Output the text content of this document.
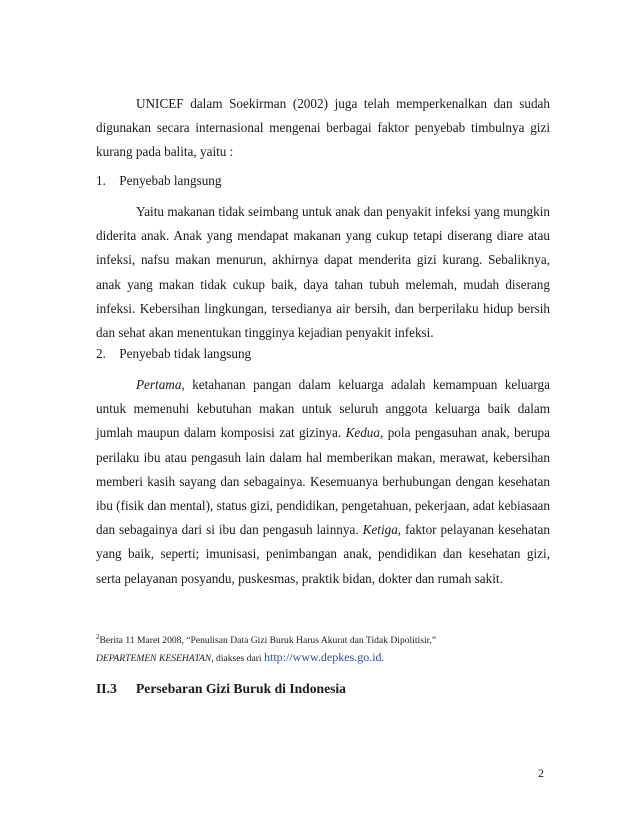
UNICEF dalam Soekirman (2002) juga telah memperkenalkan dan sudah digunakan secara internasional mengenai berbagai faktor penyebab timbulnya gizi kurang pada balita, yaitu :

1. Penyebab langsung

Yaitu makanan tidak seimbang untuk anak dan penyakit infeksi yang mungkin diderita anak. Anak yang mendapat makanan yang cukup tetapi diserang diare atau infeksi, nafsu makan menurun, akhirnya dapat menderita gizi kurang. Sebaliknya, anak yang makan tidak cukup baik, daya tahan tubuh melemah, mudah diserang infeksi. Kebersihan lingkungan, tersedianya air bersih, dan berperilaku hidup bersih dan sehat akan menentukan tingginya kejadian penyakit infeksi.

2. Penyebab tidak langsung

Pertama, ketahanan pangan dalam keluarga adalah kemampuan keluarga untuk memenuhi kebutuhan makan untuk seluruh anggota keluarga baik dalam jumlah maupun dalam komposisi zat gizinya. Kedua, pola pengasuhan anak, berupa perilaku ibu atau pengasuh lain dalam hal memberikan makan, merawat, kebersihan memberi kasih sayang dan sebagainya. Kesemuanya berhubungan dengan kesehatan ibu (fisik dan mental), status gizi, pendidikan, pengetahuan, pekerjaan, adat kebiasaan dan sebagainya dari si ibu dan pengasuh lainnya. Ketiga, faktor pelayanan kesehatan yang baik, seperti; imunisasi, penimbangan anak, pendidikan dan kesehatan gizi, serta pelayanan posyandu, puskesmas, praktik bidan, dokter dan rumah sakit.

$^2$Berita 11 Maret 2008, “Penulisan Data Gizi Buruk Harus Akurat dan Tidak Dipolitisir,”
DEPARTEMEN KESEHATAN, diakses dari http://www.depkes.go.id.

II.3 Persebaran Gizi Buruk di Indonesia
2
